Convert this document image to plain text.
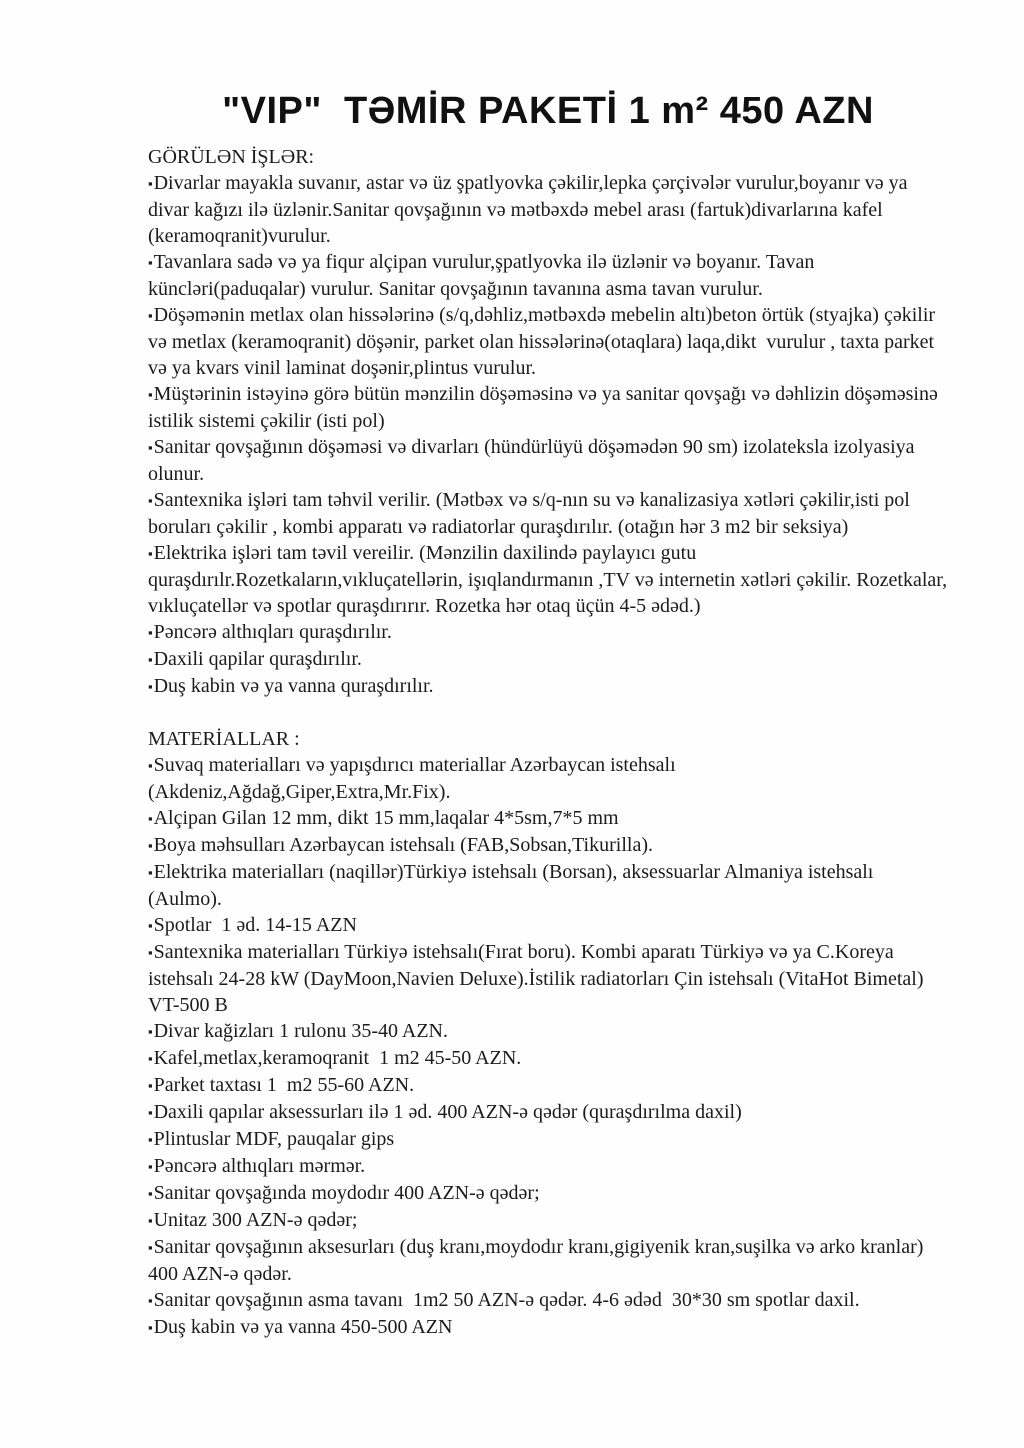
"VIP"  TƏMİR PAKETİ 1 m² 450 AZN
GÖRÜLƏN İŞLƏR:
▪Divarlar mayakla suvanır, astar və üz şpatlyovka çəkilir,lepka çərçivələr vurulur,boyanır və ya divar kağızı ilə üzlənir.Sanitar qovşağının və mətbəxdə mebel arası (fartuk)divarlarına kafel  (keramoqranit)vurulur.
▪Tavanlara sadə və ya fiqur alçipan vurulur,şpatlyovka ilə üzlənir və boyanır. Tavan küncləri(paduqalar) vurulur. Sanitar qovşağının tavanına asma tavan vurulur.
▪Döşəmənin metlax olan hissələrinə (s/q,dəhliz,mətbəxdə mebelin altı)beton örtük (styajka) çəkilir və metlax (keramoqranit) döşənir, parket olan hissələrinə(otaqlara) laqa,dikt  vurulur , taxta parket və ya kvars vinil laminat doşənir,plintus vurulur.
▪Müştərinin istəyinə görə bütün mənzilin döşəməsinə və ya sanitar qovşağı və dəhlizin döşəməsinə istilik sistemi çəkilir (isti pol)
▪Sanitar qovşağının döşəməsi və divarları (hündürlüyü döşəmədən 90 sm) izolateksla izolyasiya olunur.
▪Santexnika işləri tam təhvil verilir. (Mətbəx və s/q-nın su və kanalizasiya xətləri çəkilir,isti pol boruları çəkilir , kombi apparatı və radiatorlar quraşdırılır. (otağın hər 3 m2 bir seksiya)
▪Elektrika işləri tam təvil vereilir. (Mənzilin daxilində paylayıcı gutu quraşdırılr.Rozetkaların,vıkluçatellərin, işıqlandırmanın ,TV və internetin xətləri çəkilir. Rozetkalar, vıkluçatellər və spotlar quraşdırırır. Rozetka hər otaq üçün 4-5 ədəd.)
▪Pəncərə althıqları quraşdırılır.
▪Daxili qapilar quraşdırılır.
▪Duş kabin və ya vanna quraşdırılır.
MATERİALLAR :
▪Suvaq materialları və yapışdırıcı materiallar Azərbaycan istehsalı (Akdeniz,Ağdağ,Giper,Extra,Mr.Fix).
▪Alçipan Gilan 12 mm, dikt 15 mm,laqalar 4*5sm,7*5 mm
▪Boya məhsulları Azərbaycan istehsalı (FAB,Sobsan,Tikurilla).
▪Elektrika materialları (naqillər)Türkiyə istehsalı (Borsan), aksessuarlar Almaniya istehsalı (Aulmo).
▪Spotlar  1 əd. 14-15 AZN
▪Santexnika materialları Türkiyə istehsalı(Fırat boru). Kombi aparatı Türkiyə və ya C.Koreya istehsalı 24-28 kW (DayMoon,Navien Deluxe).İstilik radiatorları Çin istehsalı (VitaHot Bimetal)  VT-500 B
▪Divar kağizları 1 rulonu 35-40 AZN.
▪Kafel,metlax,keramoqranit  1 m2 45-50 AZN.
▪Parket taxtası 1  m2 55-60 AZN.
▪Daxili qapılar aksessurları ilə 1 əd. 400 AZN-ə qədər (quraşdırılma daxil)
▪Plintuslar MDF, pauqalar gips
▪Pəncərə althıqları mərmər.
▪Sanitar qovşağında moydodır 400 AZN-ə qədər;
▪Unitaz 300 AZN-ə qədər;
▪Sanitar qovşağının aksesurları (duş kranı,moydodır kranı,gigiyenik kran,suşilka və arko kranlar) 400 AZN-ə qədər.
▪Sanitar qovşağının asma tavanı  1m2 50 AZN-ə qədər. 4-6 ədəd  30*30 sm spotlar daxil.
▪Duş kabin və ya vanna 450-500 AZN
